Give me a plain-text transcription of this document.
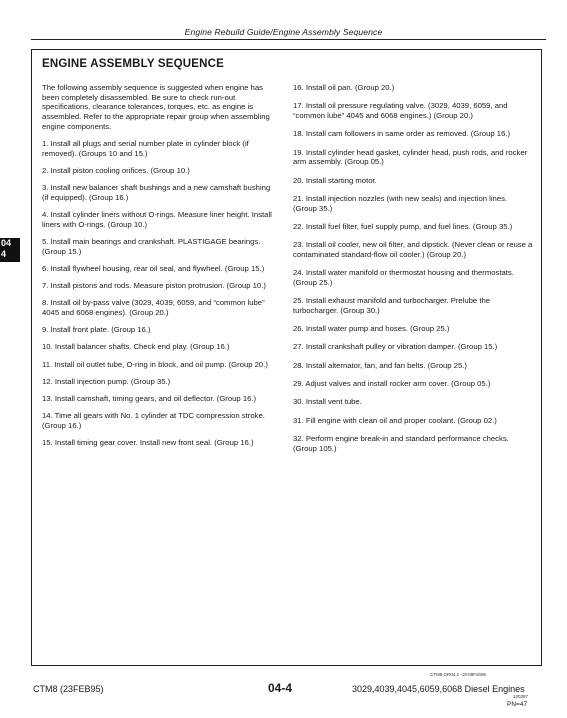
Engine Rebuild Guide/Engine Assembly Sequence
04
4
ENGINE ASSEMBLY SEQUENCE

The following assembly sequence is suggested when engine has been completely disassembled. Be sure to check run-out specifications, clearance tolerances, torques, etc. as engine is assembled. Refer to the appropriate repair group when assembling engine components.

1. Install all plugs and serial number plate in cylinder block (if removed). (Groups 10 and 15.)

2. Install piston cooling orifices. (Group 10.)

3. Install new balancer shaft bushings and a new camshaft bushing (if equipped). (Group 16.)

4. Install cylinder liners without O-rings. Measure liner height. Install liners with O-rings. (Group 10.)

5. Install main bearings and crankshaft. PLASTIGAGE bearings. (Group 15.)

6. Install flywheel housing, rear oil seal, and flywheel. (Group 15.)

7. Install pistons and rods. Measure piston protrusion. (Group 10.)

8. Install oil by-pass valve (3029, 4039, 6059, and “common lube” 4045 and 6068 engines). (Group 20.)

9. Install front plate. (Group 16.)

10. Install balancer shafts. Check end play. (Group 16.)

11. Install oil outlet tube, O-ring in block, and oil pump. (Group 20.)

12. Install injection pump. (Group 35.)

13. Install camshaft, timing gears, and oil deflector. (Group 16.)

14. Time all gears with No. 1 cylinder at TDC compression stroke. (Group 16.)

15. Install timing gear cover. Install new front seal. (Group 16.)

16. Install oil pan. (Group 20.)

17. Install oil pressure regulating valve. (3029, 4039, 6059, and “common lube” 4045 and 6068 engines.) (Group 20.)

18. Install cam followers in same order as removed. (Group 16.)

19. Install cylinder head gasket, cylinder head, push rods, and rocker arm assembly. (Group 05.)

20. Install starting motor.

21. Install injection nozzles (with new seals) and injection lines. (Group 35.)

22. Install fuel filter, fuel supply pump, and fuel lines. (Group 35.)

23. Install oil cooler, new oil filter, and dipstick. (Never clean or reuse a contaminated standard-flow oil cooler.) (Group 20.)

24. Install water manifold or thermostat housing and thermostats. (Group 25.)

25. Install exhaust manifold and turbocharger. Prelube the turbocharger. (Group 30.)

26. Install water pump and hoses. (Group 25.)

27. Install crankshaft pulley or vibration damper. (Group 15.)

28. Install alternator, fan, and fan belts. (Group 25.)

29. Adjust valves and install rocker arm cover. (Group 05.)

30. Install vent tube.

31. Fill engine with clean oil and proper coolant. (Group 02.)

32. Perform engine break-in and standard performance checks. (Group 105.)

CTM8,GR04,2 -19-09Feb95
CTM8 (23FEB95)	04-4	3029,4039,4045,6059,6068 Diesel Engines
120397
PN=47
